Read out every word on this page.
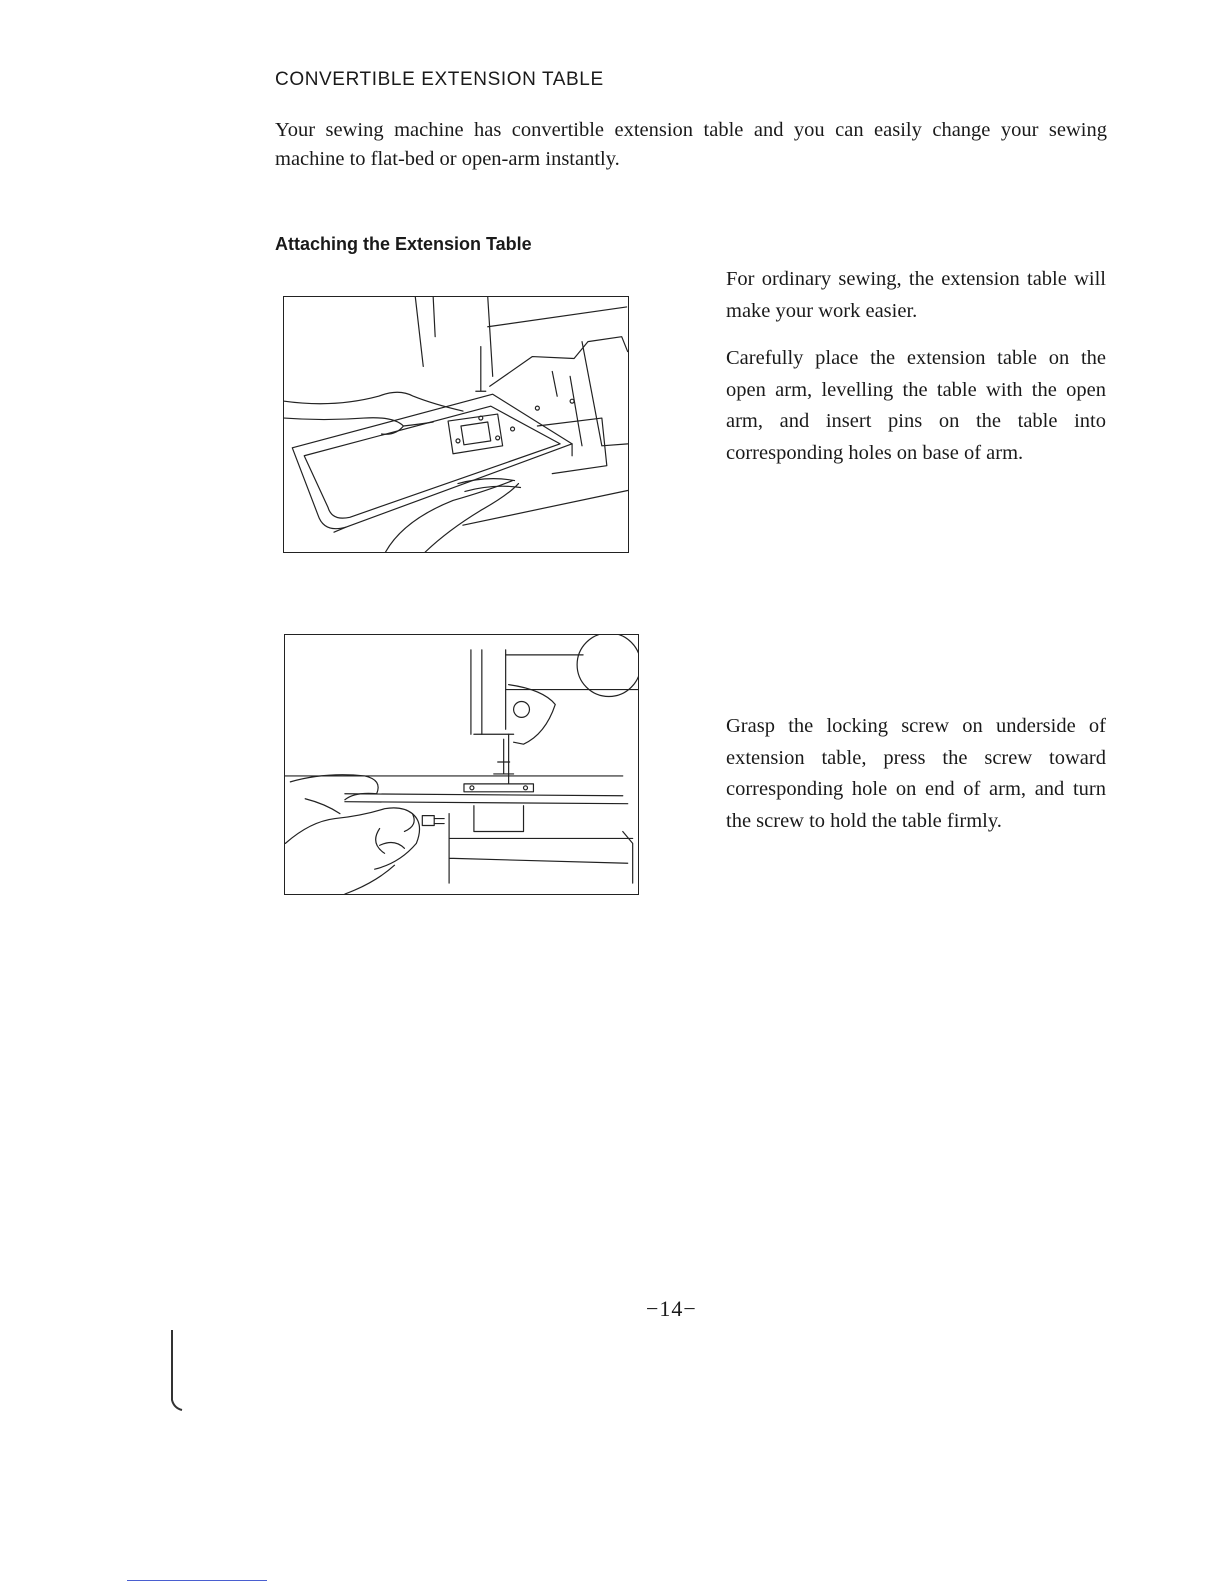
CONVERTIBLE EXTENSION TABLE

Your sewing machine has convertible extension table and you can easily change your sewing machine to flat-bed or open-arm instantly.

Attaching the Extension Table

For ordinary sewing, the extension table will make your work easier.

Carefully place the extension table on the open arm, levelling the table with the open arm, and insert pins on the table into corresponding holes on base of arm.

Grasp the locking screw on underside of extension table, press the screw toward corresponding hole on end of arm, and turn the screw to hold the table firmly.

−14−
